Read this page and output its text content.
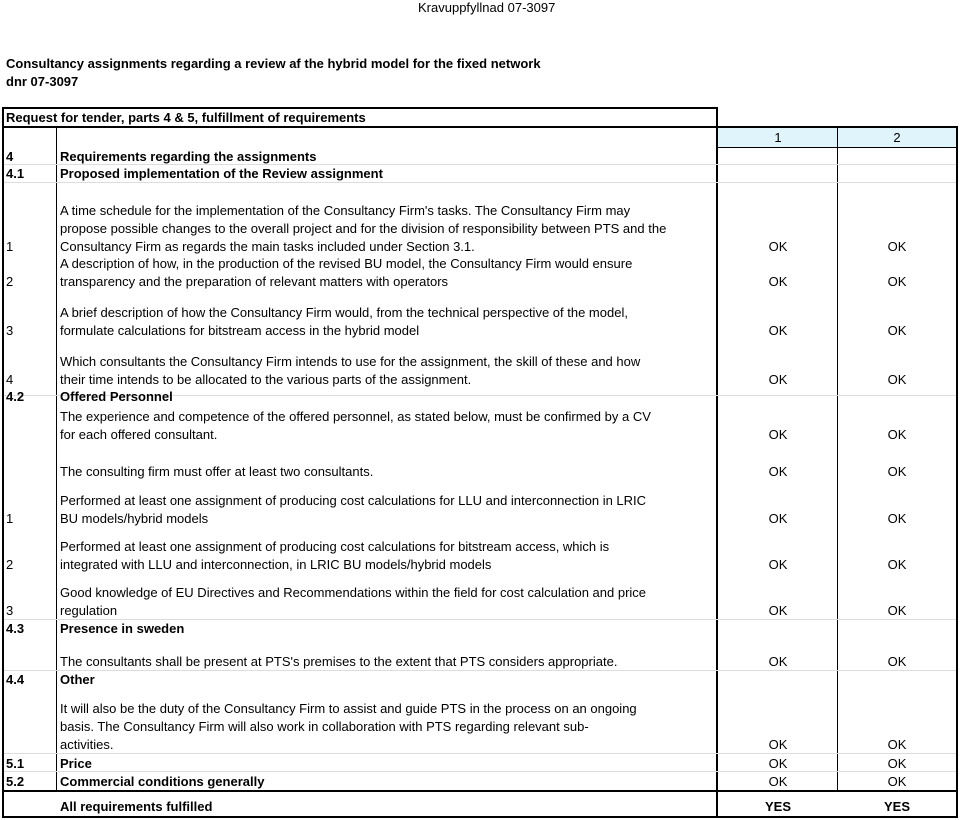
Kravuppfyllnad 07-3097
Consultancy assignments regarding a review af the hybrid model for the fixed network
dnr 07-3097
Request for tender, parts 4 & 5, fulfillment of requirements
1	2
4	Requirements regarding the assignments
4.1	Proposed implementation of the Review assignment
A time schedule for the implementation of the Consultancy Firm's tasks. The Consultancy Firm may
propose possible changes to the overall project and for the division of responsibility between PTS and the
Consultancy Firm as regards the main tasks included under Section 3.1.
1	OK	OK
A description of how, in the production of the revised BU model, the Consultancy Firm would ensure
transparency and the preparation of relevant matters with operators
2	OK	OK
A brief description of how the Consultancy Firm would, from the technical perspective of the model,
formulate calculations for bitstream access in the hybrid model
3	OK	OK
Which consultants the Consultancy Firm intends to use for the assignment, the skill of these and how
their time intends to be allocated to the various parts of the assignment.
4	OK	OK
4.2	Offered Personnel
The experience and competence of the offered personnel, as stated below, must be confirmed by a CV
for each offered consultant.	OK	OK
The consulting firm must offer at least two consultants.	OK	OK
Performed at least one assignment of producing cost calculations for LLU and interconnection in LRIC
BU models/hybrid models
1	OK	OK
Performed at least one assignment of producing cost calculations for bitstream access, which is
integrated with LLU and interconnection, in LRIC BU models/hybrid models
2	OK	OK
Good knowledge of EU Directives and Recommendations within the field for cost calculation and price
regulation
3	OK	OK
4.3	Presence in sweden
The consultants shall be present at PTS's premises to the extent that PTS considers appropriate.	OK	OK
4.4	Other
It will also be the duty of the Consultancy Firm to assist and guide PTS in the process on an ongoing
basis. The Consultancy Firm will also work in collaboration with PTS regarding relevant sub-
activities.	OK	OK
5.1	Price	OK	OK
5.2	Commercial conditions generally	OK	OK
All requirements fulfilled	YES	YES
